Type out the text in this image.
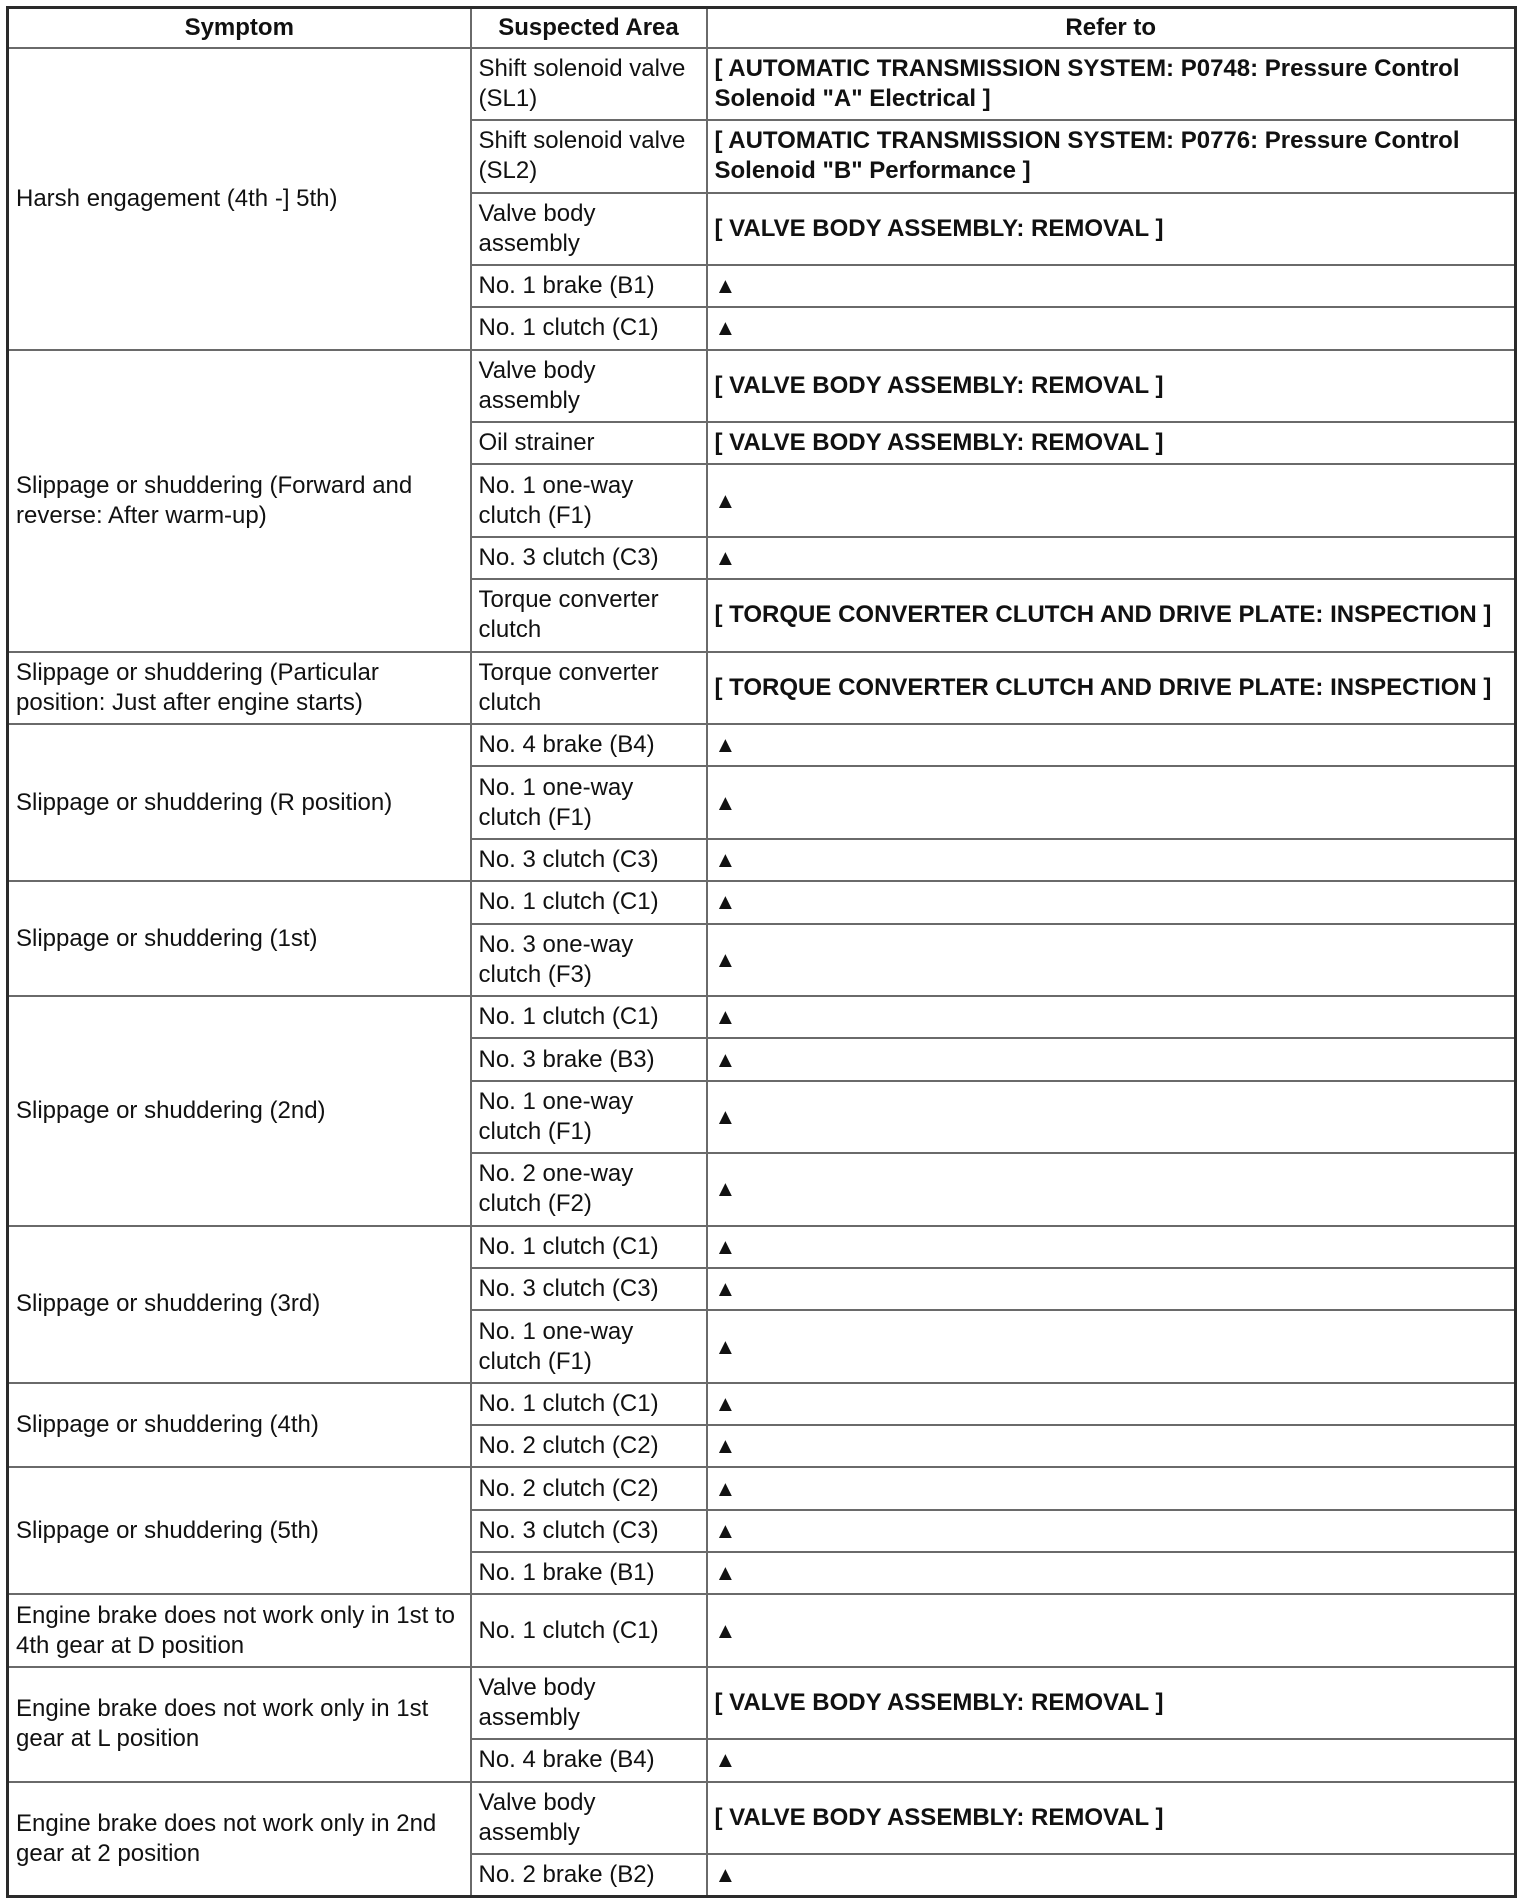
Symptom	Suspected Area	Refer to
Harsh engagement (4th -] 5th)	Shift solenoid valve (SL1)	[ AUTOMATIC TRANSMISSION SYSTEM: P0748: Pressure Control Solenoid "A" Electrical ]
	Shift solenoid valve (SL2)	[ AUTOMATIC TRANSMISSION SYSTEM: P0776: Pressure Control Solenoid "B" Performance ]
	Valve body assembly	[ VALVE BODY ASSEMBLY: REMOVAL ]
	No. 1 brake (B1)	▲
	No. 1 clutch (C1)	▲
Slippage or shuddering (Forward and reverse: After warm-up)	Valve body assembly	[ VALVE BODY ASSEMBLY: REMOVAL ]
	Oil strainer	[ VALVE BODY ASSEMBLY: REMOVAL ]
	No. 1 one-way clutch (F1)	▲
	No. 3 clutch (C3)	▲
	Torque converter clutch	[ TORQUE CONVERTER CLUTCH AND DRIVE PLATE: INSPECTION ]
Slippage or shuddering (Particular position: Just after engine starts)	Torque converter clutch	[ TORQUE CONVERTER CLUTCH AND DRIVE PLATE: INSPECTION ]
Slippage or shuddering (R position)	No. 4 brake (B4)	▲
	No. 1 one-way clutch (F1)	▲
	No. 3 clutch (C3)	▲
Slippage or shuddering (1st)	No. 1 clutch (C1)	▲
	No. 3 one-way clutch (F3)	▲
Slippage or shuddering (2nd)	No. 1 clutch (C1)	▲
	No. 3 brake (B3)	▲
	No. 1 one-way clutch (F1)	▲
	No. 2 one-way clutch (F2)	▲
Slippage or shuddering (3rd)	No. 1 clutch (C1)	▲
	No. 3 clutch (C3)	▲
	No. 1 one-way clutch (F1)	▲
Slippage or shuddering (4th)	No. 1 clutch (C1)	▲
	No. 2 clutch (C2)	▲
Slippage or shuddering (5th)	No. 2 clutch (C2)	▲
	No. 3 clutch (C3)	▲
	No. 1 brake (B1)	▲
Engine brake does not work only in 1st to 4th gear at D position	No. 1 clutch (C1)	▲
Engine brake does not work only in 1st gear at L position	Valve body assembly	[ VALVE BODY ASSEMBLY: REMOVAL ]
	No. 4 brake (B4)	▲
Engine brake does not work only in 2nd gear at 2 position	Valve body assembly	[ VALVE BODY ASSEMBLY: REMOVAL ]
	No. 2 brake (B2)	▲
